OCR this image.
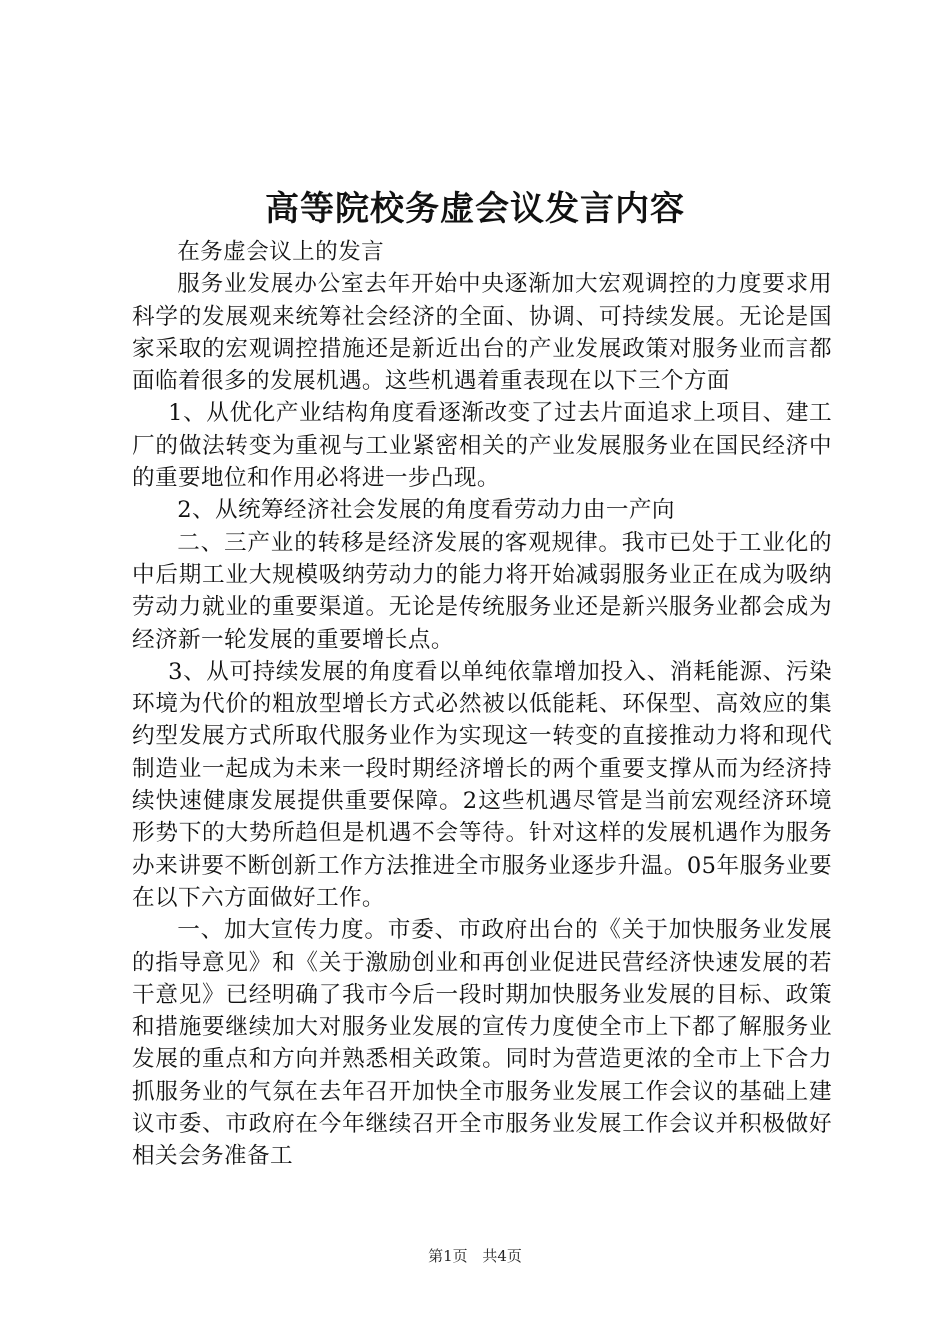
高等院校务虚会议发言内容

在务虚会议上的发言

服务业发展办公室去年开始中央逐渐加大宏观调控的力度要求用科学的发展观来统筹社会经济的全面、协调、可持续发展。无论是国家采取的宏观调控措施还是新近出台的产业发展政策对服务业而言都面临着很多的发展机遇。这些机遇着重表现在以下三个方面

1、从优化产业结构角度看逐渐改变了过去片面追求上项目、建工厂的做法转变为重视与工业紧密相关的产业发展服务业在国民经济中的重要地位和作用必将进一步凸现。

2、从统筹经济社会发展的角度看劳动力由一产向

二、三产业的转移是经济发展的客观规律。我市已处于工业化的中后期工业大规模吸纳劳动力的能力将开始减弱服务业正在成为吸纳劳动力就业的重要渠道。无论是传统服务业还是新兴服务业都会成为经济新一轮发展的重要增长点。

3、从可持续发展的角度看以单纯依靠增加投入、消耗能源、污染环境为代价的粗放型增长方式必然被以低能耗、环保型、高效应的集约型发展方式所取代服务业作为实现这一转变的直接推动力将和现代制造业一起成为未来一段时期经济增长的两个重要支撑从而为经济持续快速健康发展提供重要保障。2这些机遇尽管是当前宏观经济环境形势下的大势所趋但是机遇不会等待。针对这样的发展机遇作为服务办来讲要不断创新工作方法推进全市服务业逐步升温。05年服务业要在以下六方面做好工作。

一、加大宣传力度。市委、市政府出台的《关于加快服务业发展的指导意见》和《关于激励创业和再创业促进民营经济快速发展的若干意见》已经明确了我市今后一段时期加快服务业发展的目标、政策和措施要继续加大对服务业发展的宣传力度使全市上下都了解服务业发展的重点和方向并熟悉相关政策。同时为营造更浓的全市上下合力抓服务业的气氛在去年召开加快全市服务业发展工作会议的基础上建议市委、市政府在今年继续召开全市服务业发展工作会议并积极做好相关会务准备工

第1页 共4页
